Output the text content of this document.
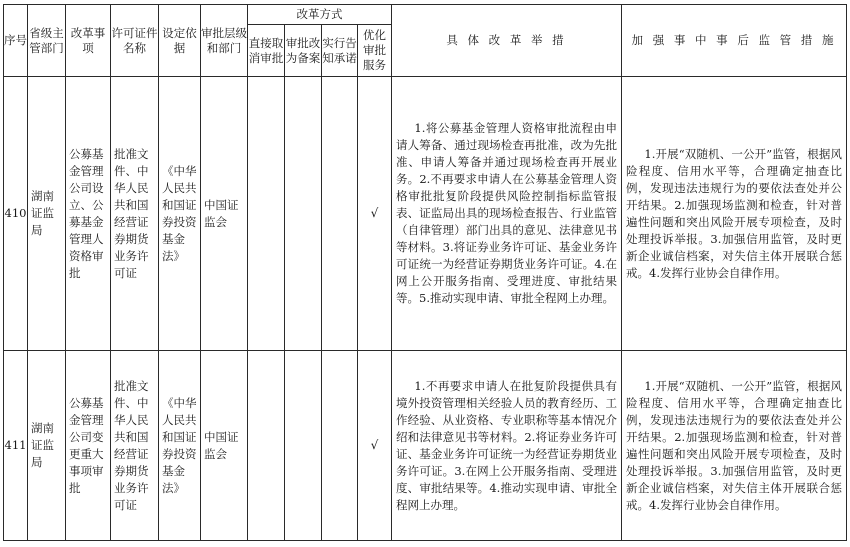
序号	省级主管部门	改革事项	许可证件名称	设定依据	审批层级和部门	改革方式				具 体 改 革 举 措	加 强 事 中 事 后 监 管 措 施
						直接取消审批	审批改为备案	实行告知承诺	优化审批服务		
410	湖南证监局	公募基金管理公司设立、公募基金管理人资格审批	批准文件、中华人民共和国经营证券期货业务许可证	《中华人民共和国证券投资基金法》	中国证监会				√	1.将公募基金管理人资格审批流程由申请人筹备、通过现场检查再批准，改为先批准、申请人筹备并通过现场检查再开展业务。2.不再要求申请人在公募基金管理人资格审批批复阶段提供风险控制指标监管报表、证监局出具的现场检查报告、行业监管（自律管理）部门出具的意见、法律意见书等材料。3.将证券业务许可证、基金业务许可证统一为经营证券期货业务许可证。4.在网上公开服务指南、受理进度、审批结果等。5.推动实现申请、审批全程网上办理。	1.开展“双随机、一公开”监管，根据风险程度、信用水平等，合理确定抽查比例，发现违法违规行为的要依法查处并公开结果。2.加强现场监测和检查，针对普遍性问题和突出风险开展专项检查，及时处理投诉举报。3.加强信用监管，及时更新企业诚信档案，对失信主体开展联合惩戒。4.发挥行业协会自律作用。

411	湖南证监局	公募基金管理公司变更重大事项审批	批准文件、中华人民共和国经营证券期货业务许可证	《中华人民共和国证券投资基金法》	中国证监会				√	1.不再要求申请人在批复阶段提供具有境外投资管理相关经验人员的教育经历、工作经验、从业资格、专业职称等基本情况介绍和法律意见书等材料。2.将证券业务许可证、基金业务许可证统一为经营证券期货业务许可证。3.在网上公开服务指南、受理进度、审批结果等。4.推动实现申请、审批全程网上办理。	1.开展“双随机、一公开”监管，根据风险程度、信用水平等，合理确定抽查比例，发现违法违规行为的要依法查处并公开结果。2.加强现场监测和检查，针对普遍性问题和突出风险开展专项检查，及时处理投诉举报。3.加强信用监管，及时更新企业诚信档案，对失信主体开展联合惩戒。4.发挥行业协会自律作用。
